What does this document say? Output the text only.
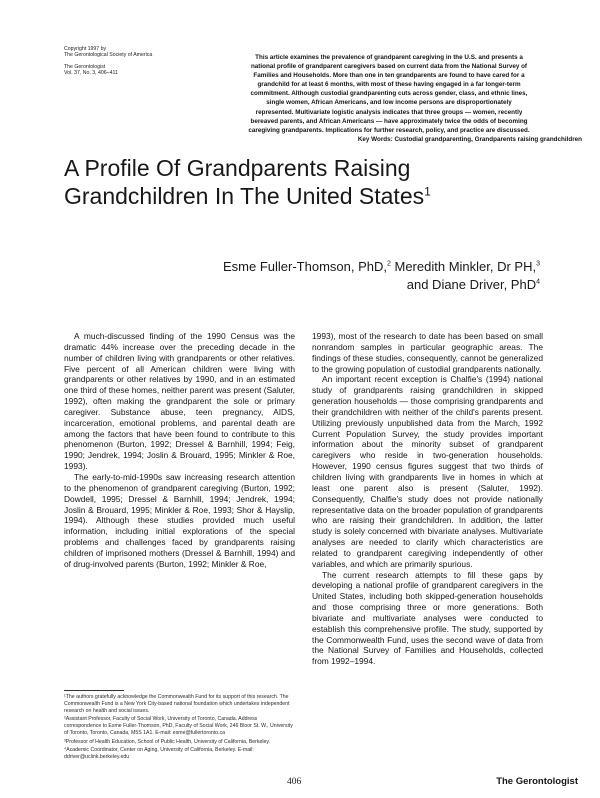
Copyright 1997 by
The Gerontological Society of America
The Gerontologist
Vol. 37, No. 3, 406–411
This article examines the prevalence of grandparent caregiving in the U.S. and presents a
national profile of grandparent caregivers based on current data from the National Survey of
Families and Households. More than one in ten grandparents are found to have cared for a
grandchild for at least 6 months, with most of these having engaged in a far longer-term
commitment. Although custodial grandparenting cuts across gender, class, and ethnic lines,
single women, African Americans, and low income persons are disproportionately
represented. Multivariate logistic analysis indicates that three groups — women, recently
bereaved parents, and African Americans — have approximately twice the odds of becoming
caregiving grandparents. Implications for further research, policy, and practice are discussed.
Key Words: Custodial grandparenting, Grandparents raising grandchildren
A Profile Of Grandparents Raising
Grandchildren In The United States$^1$
Esme Fuller-Thomson, PhD,$^2$ Meredith Minkler, Dr PH,$^3$
and Diane Driver, PhD$^4$

A much-discussed finding of the 1990 Census was the dramatic 44% increase over the preceding decade in the number of children living with grandparents or other relatives. Five percent of all American children were living with grandparents or other relatives by 1990, and in an estimated one third of these homes, neither parent was present (Saluter, 1992), often making the grandparent the sole or primary caregiver. Substance abuse, teen pregnancy, AIDS, incarceration, emotional problems, and parental death are among the factors that have been found to contribute to this phenomenon (Burton, 1992; Dressel & Barnhill, 1994; Feig, 1990; Jendrek, 1994; Joslin & Brouard, 1995; Minkler & Roe, 1993).

The early-to-mid-1990s saw increasing research attention to the phenomenon of grandparent caregiving (Burton, 1992; Dowdell, 1995; Dressel & Barnhill, 1994; Jendrek, 1994; Joslin & Brouard, 1995; Minkler & Roe, 1993; Shor & Hayslip, 1994). Although these studies provided much useful information, including initial explorations of the special problems and challenges faced by grandparents raising children of imprisoned mothers (Dressel & Barnhill, 1994) and of drug-involved parents (Burton, 1992; Minkler & Roe,

¹The authors gratefully acknowledge the Commonwealth Fund for its support of this research. The Commonwealth Fund is a New York City-based national foundation which undertakes independent research on health and social issues.

²Assistant Professor, Faculty of Social Work, University of Toronto, Canada. Address correspondence to Esme Fuller-Thomson, PhD, Faculty of Social Work, 246 Bloor St. W., University of Toronto, Toronto, Canada, M5S 1A1. E-mail: esme@fullertoronto.ca

³Professor of Health Education, School of Public Health, University of California, Berkeley.

⁴Academic Coordinator, Center on Aging, University of California, Berkeley. E-mail: ddriver@uclink.berkeley.edu

1993), most of the research to date has been based on small nonrandom samples in particular geographic areas. The findings of these studies, consequently, cannot be generalized to the growing population of custodial grandparents nationally.

An important recent exception is Chalfie's (1994) national study of grandparents raising grandchildren in skipped generation households — those comprising grandparents and their grandchildren with neither of the child's parents present. Utilizing previously unpublished data from the March, 1992 Current Population Survey, the study provides important information about the minority subset of grandparent caregivers who reside in two-generation households. However, 1990 census figures suggest that two thirds of children living with grandparents live in homes in which at least one parent also is present (Saluter, 1992). Consequently, Chalfie's study does not provide nationally representative data on the broader population of grandparents who are raising their grandchildren. In addition, the latter study is solely concerned with bivariate analyses. Multivariate analyses are needed to clarify which characteristics are related to grandparent caregiving independently of other variables, and which are primarily spurious.

The current research attempts to fill these gaps by developing a national profile of grandparent caregivers in the United States, including both skipped-generation households and those comprising three or more generations. Both bivariate and multivariate analyses were conducted to establish this comprehensive profile. The study, supported by the Commonwealth Fund, uses the second wave of data from the National Survey of Families and Households, collected from 1992–1994.

406	The Gerontologist
